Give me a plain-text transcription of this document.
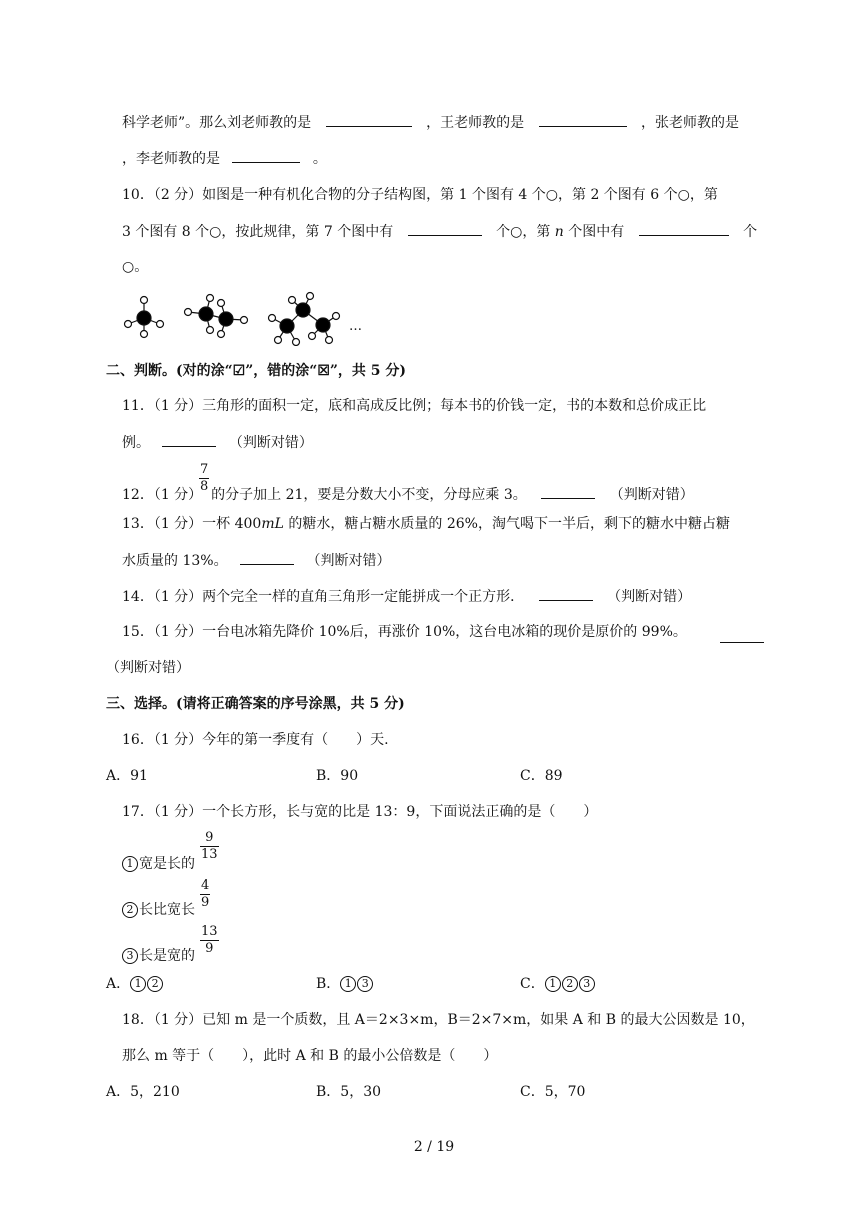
科学老师”。那么刘老师教的是	，王老师教的是	，张老师教的是
，李老师教的是	。
10．（2 分）如图是一种有机化合物的分子结构图，第 1 个图有 4 个○，第 2 个图有 6 个○，第
3 个图有 8 个○，按此规律，第 7 个图中有	个○，第 n 个图中有	个
○。
…
二、判断。(对的涂“☑”，错的涂“☒”，共 5 分)
11．（1 分）三角形的面积一定，底和高成反比例；每本书的价钱一定，书的本数和总价成正比
例。	（判断对错）
$\frac{7}{8}$
12．（1 分） 的分子加上 21，要是分数大小不变，分母应乘 3。	（判断对错）
13．（1 分）一杯 400mL 的糖水，糖占糖水质量的 26%，淘气喝下一半后，剩下的糖水中糖占糖
水质量的 13%。	（判断对错）
14．（1 分）两个完全一样的直角三角形一定能拼成一个正方形．	（判断对错）
15．（1 分）一台电冰箱先降价 10%后，再涨价 10%，这台电冰箱的现价是原价的 99%。
（判断对错）
三、选择。(请将正确答案的序号涂黑，共 5 分)
16．（1 分）今年的第一季度有（　　）天.
A．91	B．90	C．89
17．（1 分）一个长方形，长与宽的比是 13：9，下面说法正确的是（　　）
$\frac{9}{13}$
1 宽是长的
$\frac{4}{9}$
2 长比宽长
$\frac{13}{9}$
3 长是宽的
A． 1 2	B． 1 3	C． 1 2 3
18．（1 分）已知 m 是一个质数，且 A＝2×3×m，B＝2×7×m，如果 A 和 B 的最大公因数是 10，
那么 m 等于（　　），此时 A 和 B 的最小公倍数是（　　）
A．5，210	B．5，30	C．5，70
2 / 19
